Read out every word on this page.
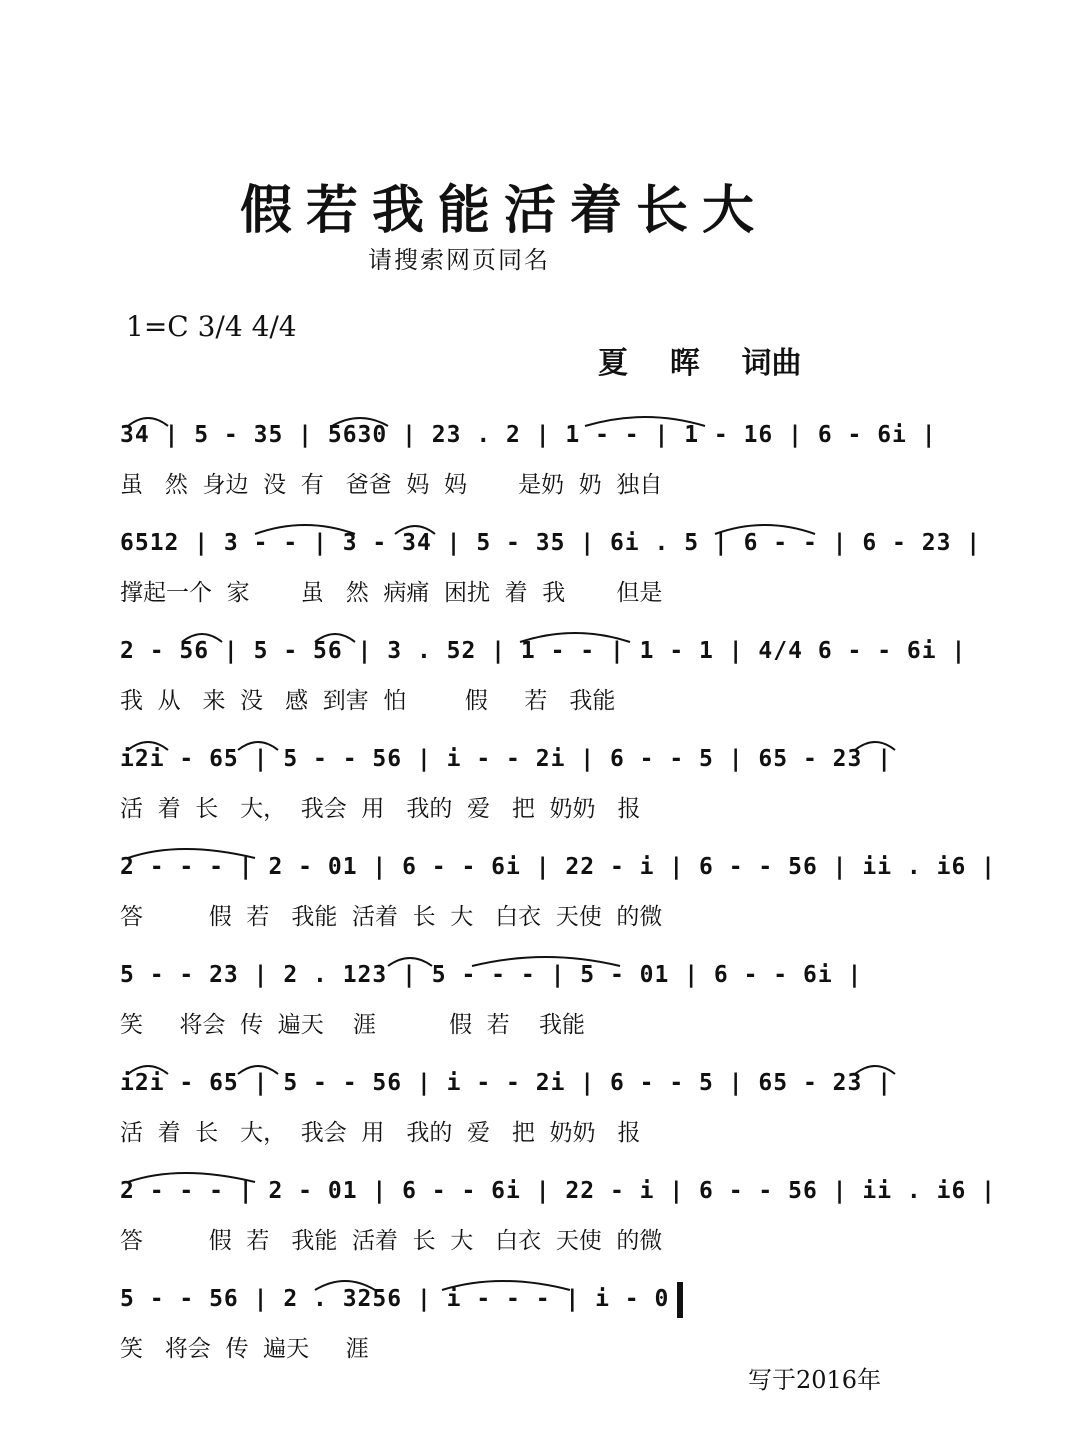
假若我能活着长大
请搜索网页同名
1=C 3/4 4/4
夏    晖    词曲
34 | 5 - 35 | 5630 | 23 . 2 | 1 - - | 1 - 16 | 6 - 6i |
虽   然  身边  没  有   爸爸  妈  妈       是奶  奶  独自
6512 | 3 - - | 3 - 34 | 5 - 35 | 6i . 5 | 6 - - | 6 - 23 |
撑起一个  家       虽   然  病痛  困扰  着  我       但是
2 - 56 | 5 - 56 | 3 . 52 | 1 - - | 1 - 1 | 4/4 6 - - 6i |
我  从   来  没   感  到害  怕        假     若   我能
i2i - 65 | 5 - - 56 | i - - 2i | 6 - - 5 | 65 - 23 |
活  着  长   大，  我会  用   我的  爱   把  奶奶   报
2 - - - | 2 - 01 | 6 - - 6i | 22 - i | 6 - - 56 | ii . i6 |
答         假  若   我能  活着  长  大   白衣  天使  的微
5 - - 23 | 2 . 123 | 5 - - - | 5 - 01 | 6 - - 6i |
笑     将会  传  遍天    涯          假  若    我能
i2i - 65 | 5 - - 56 | i - - 2i | 6 - - 5 | 65 - 23 |
活  着  长   大，  我会  用   我的  爱   把  奶奶   报
2 - - - | 2 - 01 | 6 - - 6i | 22 - i | 6 - - 56 | ii . i6 |
答         假  若   我能  活着  长  大   白衣  天使  的微
5 - - 56 | 2 . 3256 | i - - - | i - 0
笑   将会  传  遍天     涯
写于2016年
